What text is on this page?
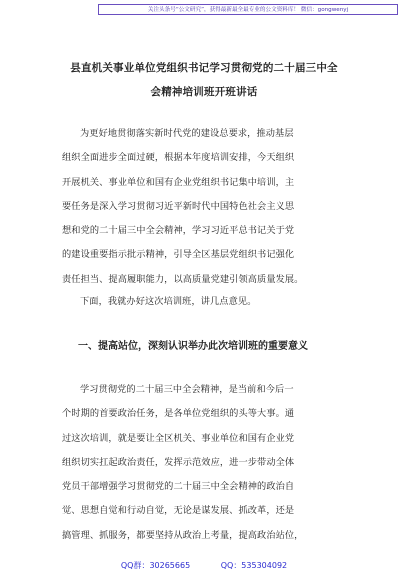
关注头条号“公文研究”，获得最新最全最专业的公文资料库！ 微信：gongwenyj
县直机关事业单位党组织书记学习贯彻党的二十届三中全
会精神培训班开班讲话
为更好地贯彻落实新时代党的建设总要求，推动基层
组织全面进步全面过硬，根据本年度培训安排，今天组织
开展机关、事业单位和国有企业党组织书记集中培训，主
要任务是深入学习贯彻习近平新时代中国特色社会主义思
想和党的二十届三中全会精神，学习习近平总书记关于党
的建设重要指示批示精神，引导全区基层党组织书记强化
责任担当、提高履职能力，以高质量党建引领高质量发展。
下面，我就办好这次培训班，讲几点意见。
一、提高站位，深刻认识举办此次培训班的重要意义
学习贯彻党的二十届三中全会精神，是当前和今后一
个时期的首要政治任务，是各单位党组织的头等大事。通
过这次培训，就是要让全区机关、事业单位和国有企业党
组织切实扛起政治责任，发挥示范效应，进一步带动全体
党员干部增强学习贯彻党的二十届三中全会精神的政治自
觉、思想自觉和行动自觉，无论是谋发展、抓改革，还是
搞管理、抓服务，都要坚持从政治上考量，提高政治站位，
QQ群：30265665	QQ：535304092
